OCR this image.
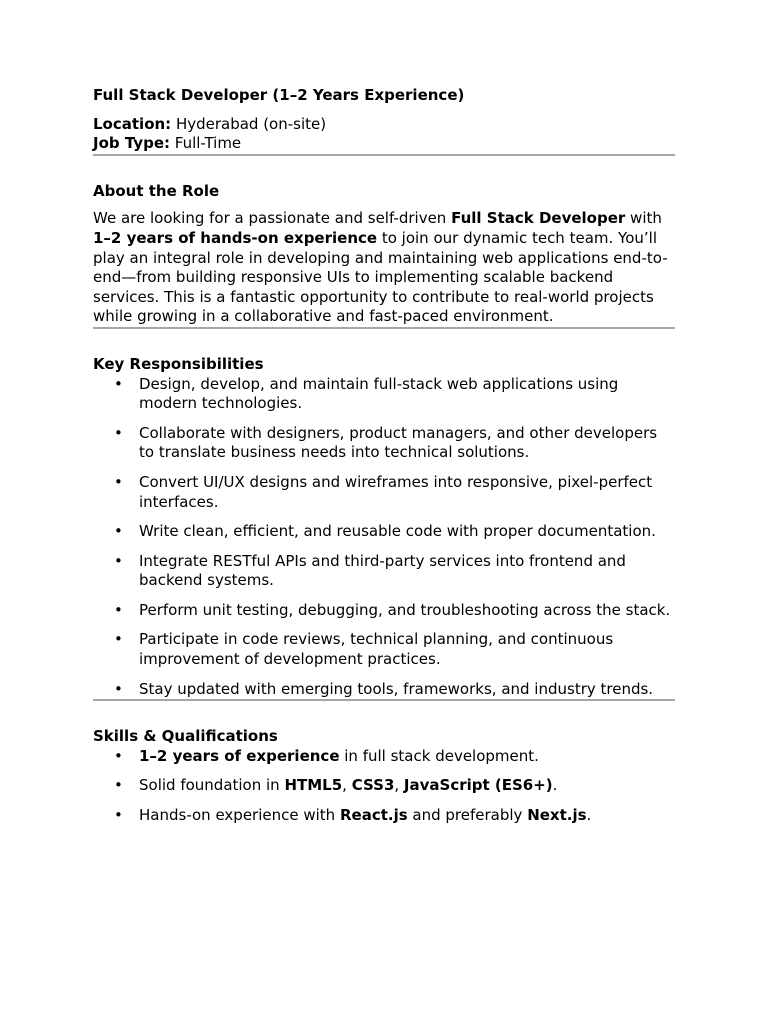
Full Stack Developer (1–2 Years Experience)

Location: Hyderabad (on-site)

Job Type: Full-Time

About the Role

We are looking for a passionate and self-driven Full Stack Developer with 1–2 years of hands-on experience to join our dynamic tech team. You’ll play an integral role in developing and maintaining web applications end-to-end—from building responsive UIs to implementing scalable backend services. This is a fantastic opportunity to contribute to real-world projects while growing in a collaborative and fast-paced environment.

Key Responsibilities
• Design, develop, and maintain full-stack web applications using modern technologies.
• Collaborate with designers, product managers, and other developers to translate business needs into technical solutions.
• Convert UI/UX designs and wireframes into responsive, pixel-perfect interfaces.
• Write clean, efficient, and reusable code with proper documentation.
• Integrate RESTful APIs and third-party services into frontend and backend systems.
• Perform unit testing, debugging, and troubleshooting across the stack.
• Participate in code reviews, technical planning, and continuous improvement of development practices.
• Stay updated with emerging tools, frameworks, and industry trends.
Skills & Qualifications
• 1–2 years of experience in full stack development.
• Solid foundation in HTML5, CSS3, JavaScript (ES6+).
• Hands-on experience with React.js and preferably Next.js.
